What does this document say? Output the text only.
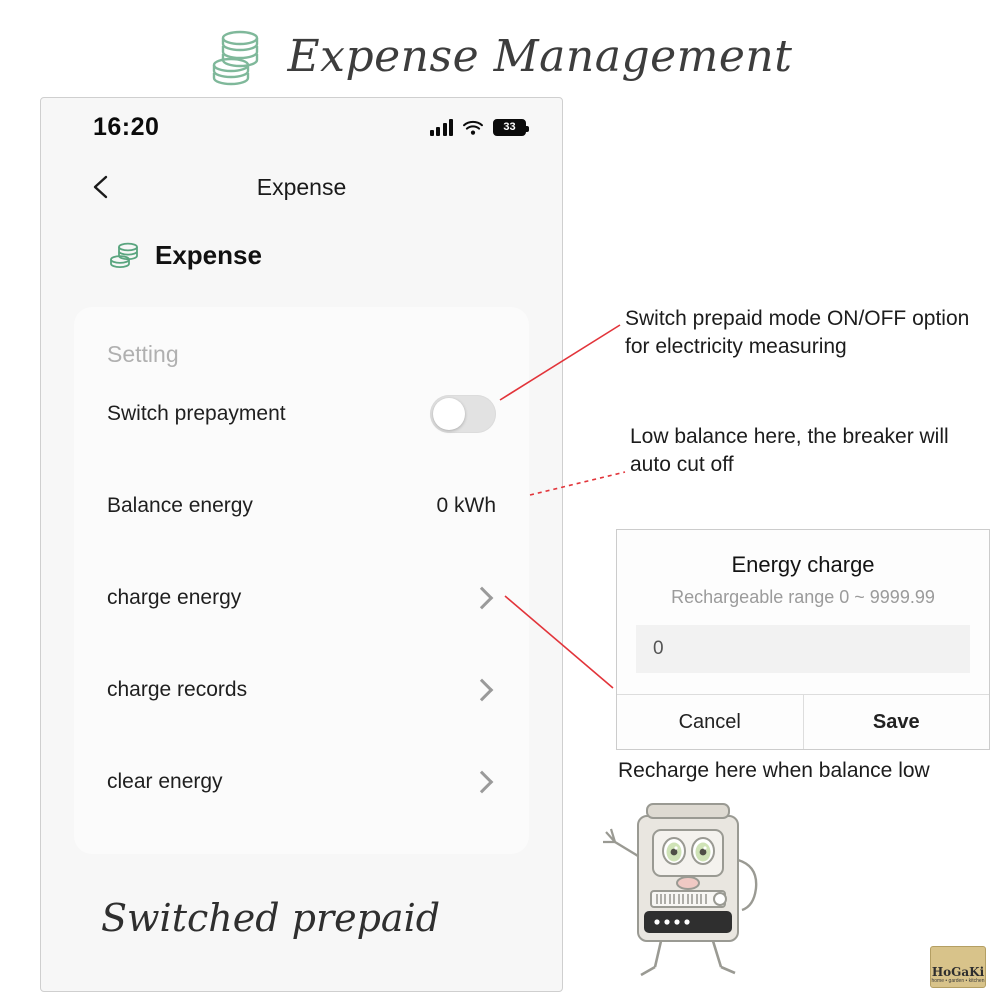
Expense Management
16:20	33
Expense
Expense
Setting
Switch prepayment
Balance energy	0 kWh
charge energy
charge records
clear energy
Switched prepaid
Switch prepaid mode ON/OFF option for electricity measuring
Low balance here, the breaker will auto cut off
Recharge here when balance low
Energy charge
Rechargeable range 0 ~ 9999.99
0
Cancel	Save
HoGaKi
home • garden • kitchen
